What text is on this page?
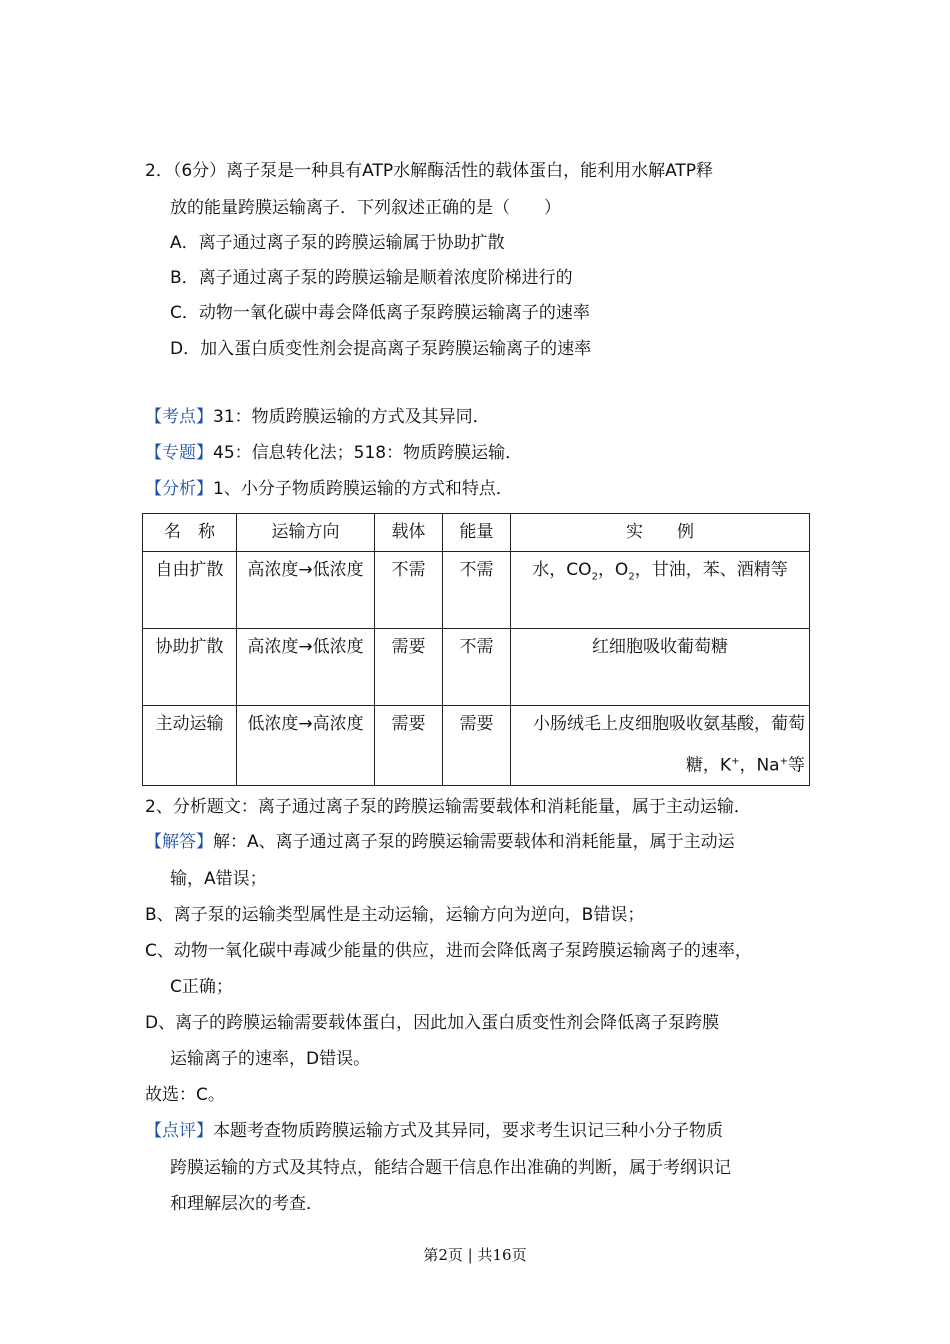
2．（6分）离子泵是一种具有ATP水解酶活性的载体蛋白，能利用水解ATP释
放的能量跨膜运输离子．下列叙述正确的是（　　）
A．离子通过离子泵的跨膜运输属于协助扩散
B．离子通过离子泵的跨膜运输是顺着浓度阶梯进行的
C．动物一氧化碳中毒会降低离子泵跨膜运输离子的速率
D．加入蛋白质变性剂会提高离子泵跨膜运输离子的速率
【考点】31：物质跨膜运输的方式及其异同．
【专题】45：信息转化法；518：物质跨膜运输．
【分析】1、小分子物质跨膜运输的方式和特点．
名　称	运输方向	载体	能量	实　　例
自由扩散	高浓度→低浓度	不需	不需	水，$CO_2$，$O_2$，甘油，苯、酒精等
协助扩散	高浓度→低浓度	需要	不需	红细胞吸收葡萄糖
主动运输	低浓度→高浓度	需要	需要	小肠绒毛上皮细胞吸收氨基酸，葡萄糖，K+，Na+等
2、分析题文：离子通过离子泵的跨膜运输需要载体和消耗能量，属于主动运输．
【解答】解：A、离子通过离子泵的跨膜运输需要载体和消耗能量，属于主动运
输，A错误；
B、离子泵的运输类型属性是主动运输，运输方向为逆向，B错误；
C、动物一氧化碳中毒减少能量的供应，进而会降低离子泵跨膜运输离子的速率，
C正确；
D、离子的跨膜运输需要载体蛋白，因此加入蛋白质变性剂会降低离子泵跨膜
运输离子的速率，D错误。
故选：C。
【点评】本题考查物质跨膜运输方式及其异同，要求考生识记三种小分子物质
跨膜运输的方式及其特点，能结合题干信息作出准确的判断，属于考纲识记
和理解层次的考查．
第2页 | 共16页
